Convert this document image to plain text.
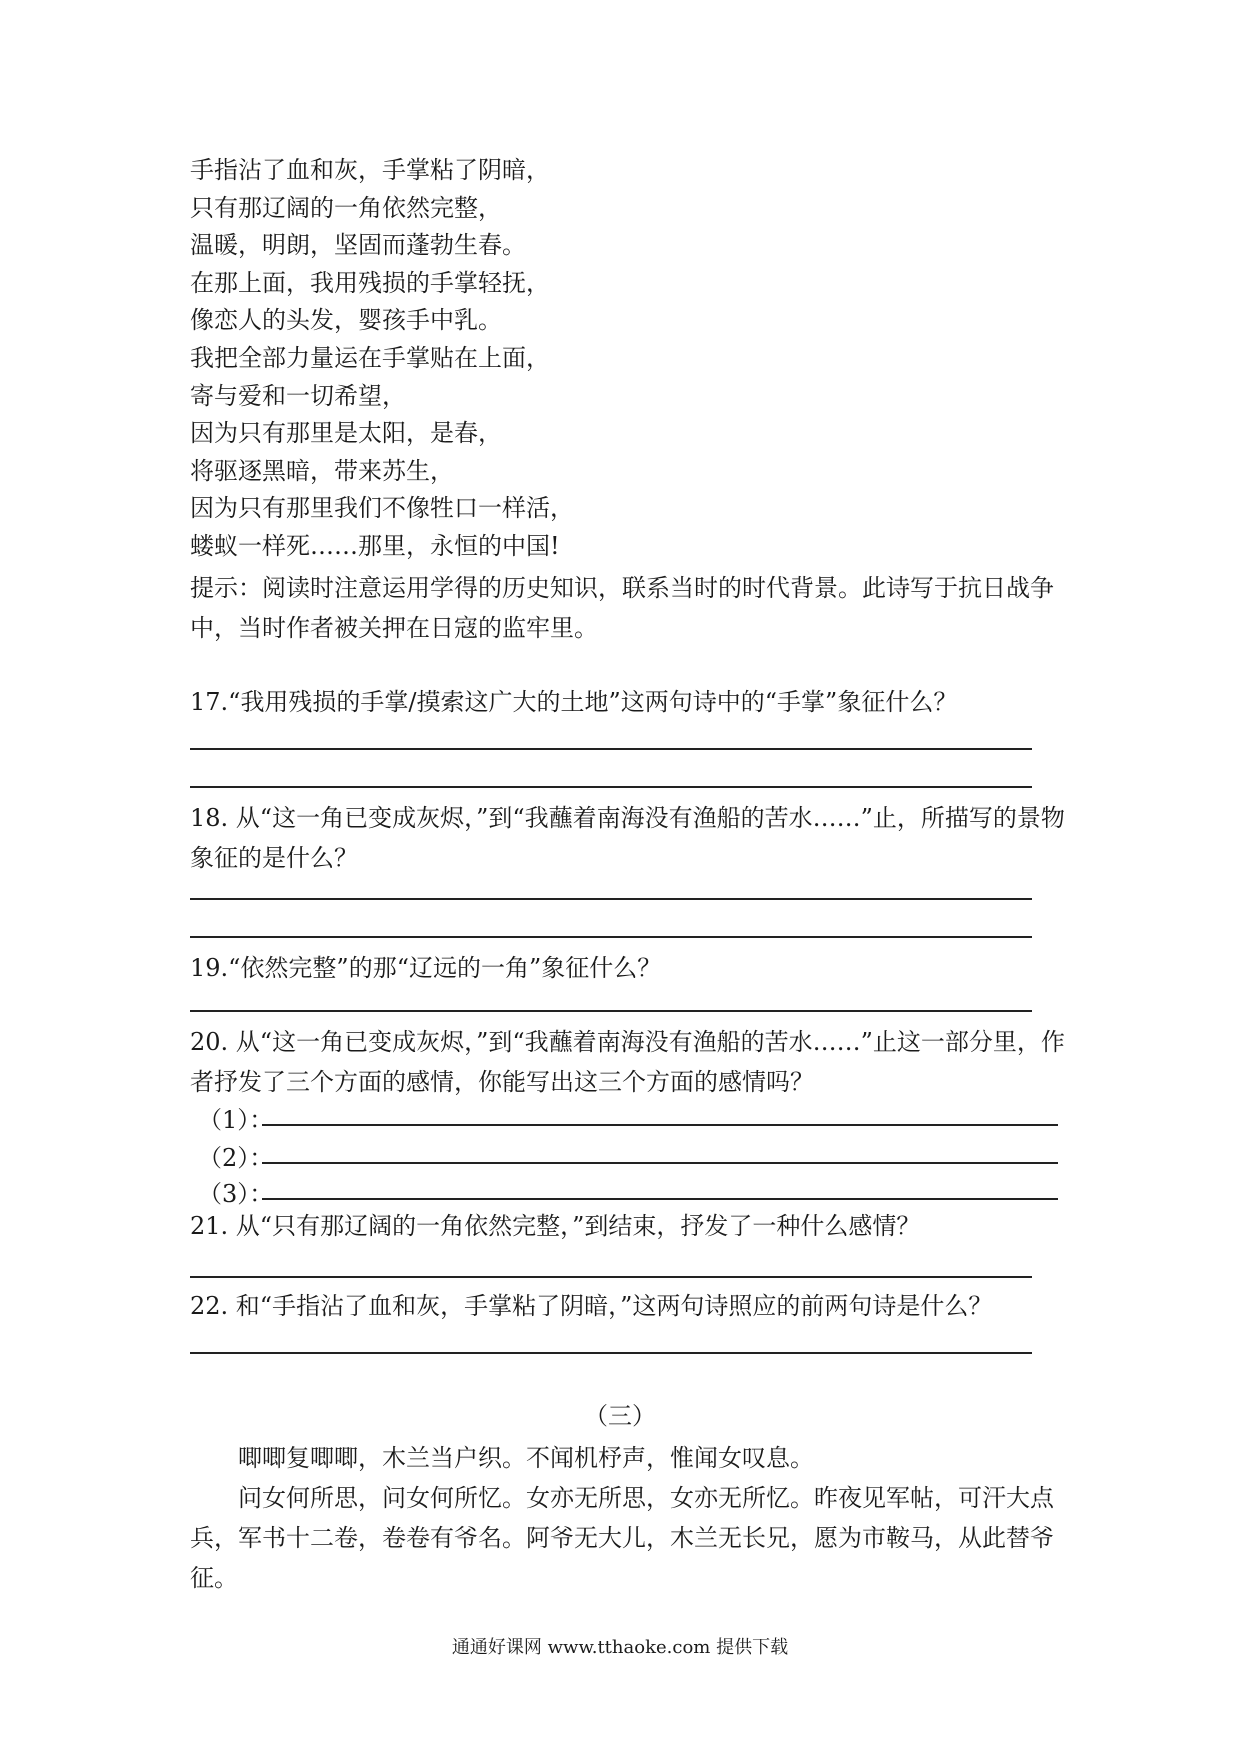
手指沾了血和灰，手掌粘了阴暗，
只有那辽阔的一角依然完整，
温暖，明朗，坚固而蓬勃生春。
在那上面，我用残损的手掌轻抚，
像恋人的头发，婴孩手中乳。
我把全部力量运在手掌贴在上面，
寄与爱和一切希望，
因为只有那里是太阳，是春，
将驱逐黑暗，带来苏生，
因为只有那里我们不像牲口一样活，
蝼蚁一样死……那里，永恒的中国!
提示：阅读时注意运用学得的历史知识，联系当时的时代背景。此诗写于抗日战争中，当时作者被关押在日寇的监牢里。
17.“我用残损的手掌/摸索这广大的土地”这两句诗中的“手掌”象征什么？
18. 从“这一角已变成灰烬，”到“我蘸着南海没有渔船的苦水……”止，所描写的景物象征的是什么？
19.“依然完整”的那“辽远的一角”象征什么？
20. 从“这一角已变成灰烬，”到“我蘸着南海没有渔船的苦水……”止这一部分里，作者抒发了三个方面的感情，你能写出这三个方面的感情吗？
（1）：
（2）：
（3）：
21. 从“只有那辽阔的一角依然完整，”到结束，抒发了一种什么感情？
22. 和“手指沾了血和灰，手掌粘了阴暗，”这两句诗照应的前两句诗是什么？
（三）
唧唧复唧唧，木兰当户织。不闻机杼声，惟闻女叹息。
问女何所思，问女何所忆。女亦无所思，女亦无所忆。昨夜见军帖，可汗大点兵，军书十二卷，卷卷有爷名。阿爷无大儿，木兰无长兄，愿为市鞍马，从此替爷征。
通通好课网 www.tthaoke.com 提供下载
